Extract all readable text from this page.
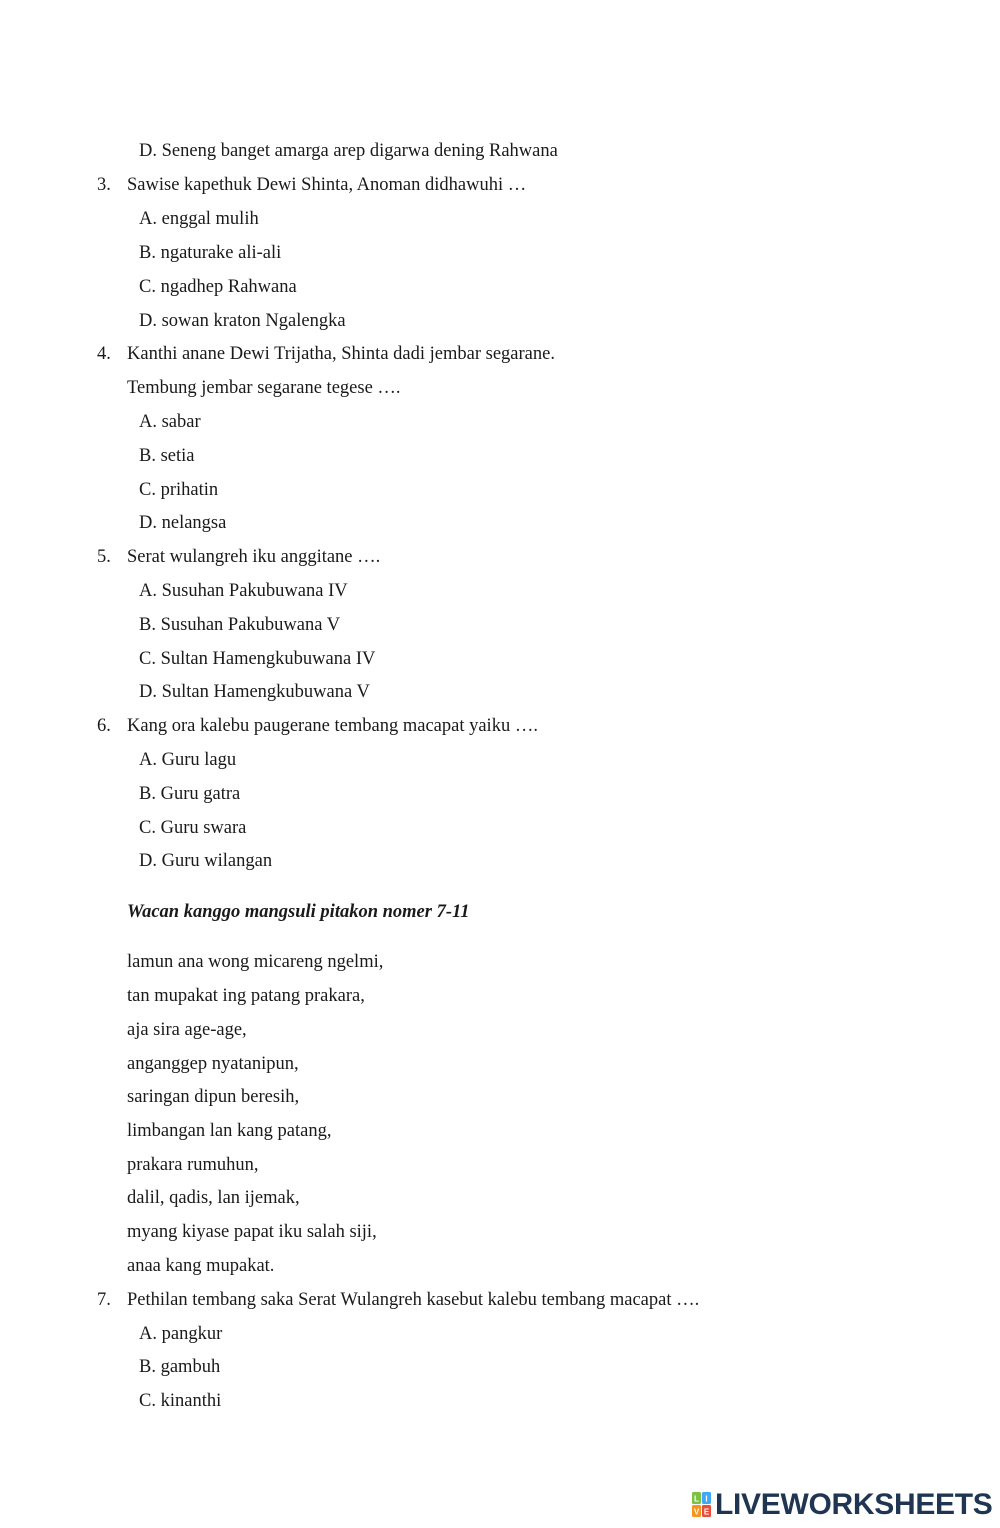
D. Seneng banget amarga arep digarwa dening Rahwana
3. Sawise kapethuk Dewi Shinta, Anoman didhawuhi …
A. enggal mulih
B. ngaturake ali-ali
C. ngadhep Rahwana
D. sowan kraton Ngalengka
4. Kanthi anane Dewi Trijatha, Shinta dadi jembar segarane.
Tembung jembar segarane tegese ….
A. sabar
B. setia
C. prihatin
D. nelangsa
5. Serat wulangreh iku anggitane ….
A. Susuhan Pakubuwana IV
B. Susuhan Pakubuwana V
C. Sultan Hamengkubuwana IV
D. Sultan Hamengkubuwana V
6. Kang ora kalebu paugerane tembang macapat yaiku ….
A. Guru lagu
B. Guru gatra
C. Guru swara
D. Guru wilangan
Wacan kanggo mangsuli pitakon nomer 7-11
lamun ana wong micareng ngelmi,
tan mupakat ing patang prakara,
aja sira age-age,
anganggep nyatanipun,
saringan dipun beresih,
limbangan lan kang patang,
prakara rumuhun,
dalil, qadis, lan ijemak,
myang kiyase papat iku salah siji,
anaa kang mupakat.
7. Pethilan tembang saka Serat Wulangreh kasebut kalebu tembang macapat ….
A. pangkur
B. gambuh
C. kinanthi
L I
V E LIVEWORKSHEETS
